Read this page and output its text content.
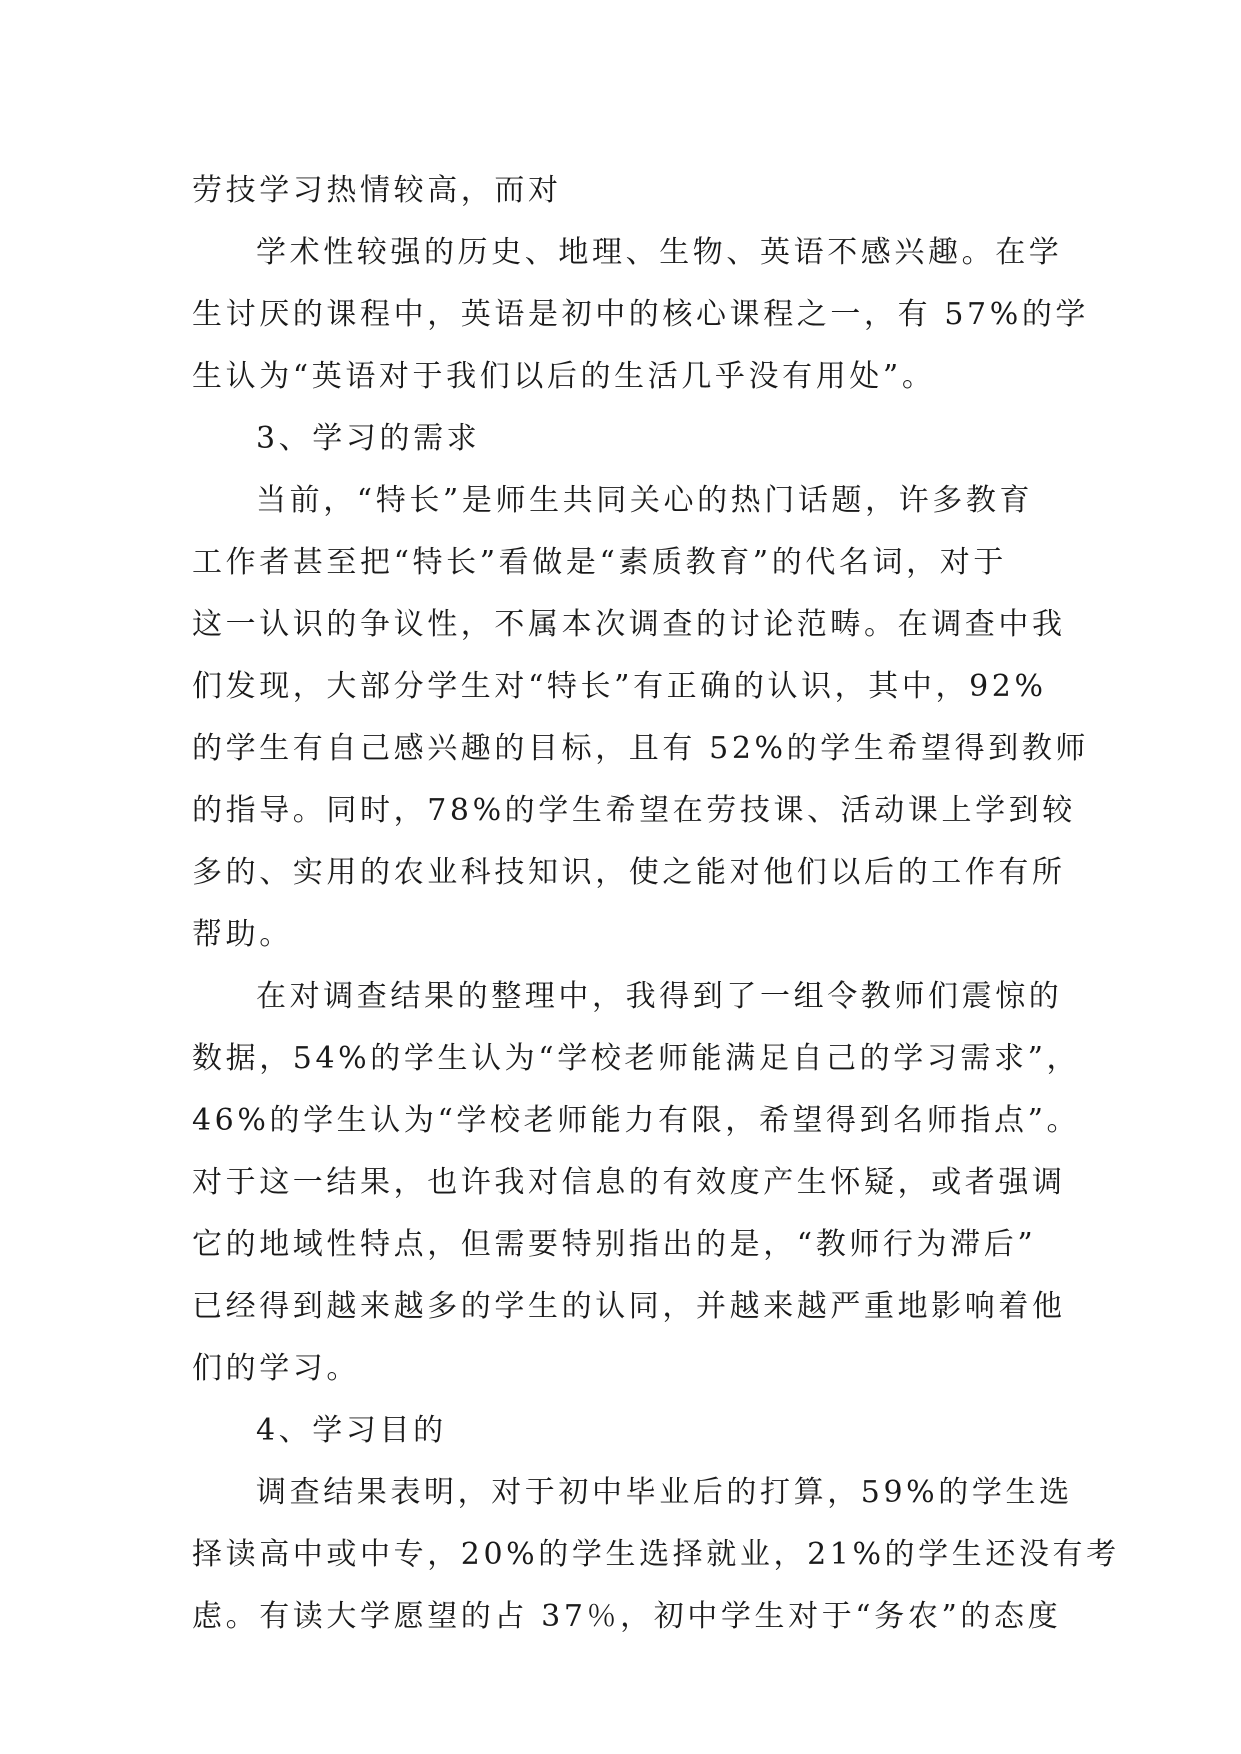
劳技学习热情较高，而对
学术性较强的历史、地理、生物、英语不感兴趣。在学
生讨厌的课程中，英语是初中的核心课程之一，有 57%的学
生认为“英语对于我们以后的生活几乎没有用处”。
3、学习的需求
当前，“特长”是师生共同关心的热门话题，许多教育
工作者甚至把“特长”看做是“素质教育”的代名词，对于
这一认识的争议性，不属本次调查的讨论范畴。在调查中我
们发现，大部分学生对“特长”有正确的认识，其中，92%
的学生有自己感兴趣的目标，且有 52%的学生希望得到教师
的指导。同时，78%的学生希望在劳技课、活动课上学到较
多的、实用的农业科技知识，使之能对他们以后的工作有所
帮助。
在对调查结果的整理中，我得到了一组令教师们震惊的
数据，54%的学生认为“学校老师能满足自己的学习需求”，
46%的学生认为“学校老师能力有限，希望得到名师指点”。
对于这一结果，也许我对信息的有效度产生怀疑，或者强调
它的地域性特点，但需要特别指出的是，“教师行为滞后”
已经得到越来越多的学生的认同，并越来越严重地影响着他
们的学习。
4、学习目的
调查结果表明，对于初中毕业后的打算，59%的学生选
择读高中或中专，20%的学生选择就业，21%的学生还没有考
虑。有读大学愿望的占 37％，初中学生对于“务农”的态度
